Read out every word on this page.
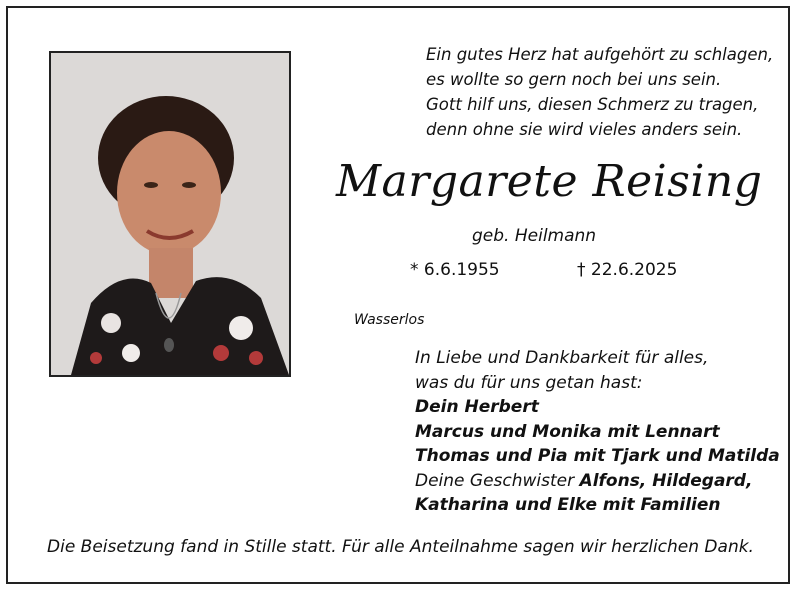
Ein gutes Herz hat aufgehört zu schlagen,
es wollte so gern noch bei uns sein.
Gott hilf uns, diesen Schmerz zu tragen,
denn ohne sie wird vieles anders sein.
Margarete Reising
geb. Heilmann
* 6.6.1955	† 22.6.2025
Wasserlos
In Liebe und Dankbarkeit für alles,
was du für uns getan hast:
Dein Herbert
Marcus und Monika mit Lennart
Thomas und Pia mit Tjark und Matilda
Deine Geschwister Alfons, Hildegard,
Katharina und Elke mit Familien
Die Beisetzung fand in Stille statt. Für alle Anteilnahme sagen wir herzlichen Dank.
